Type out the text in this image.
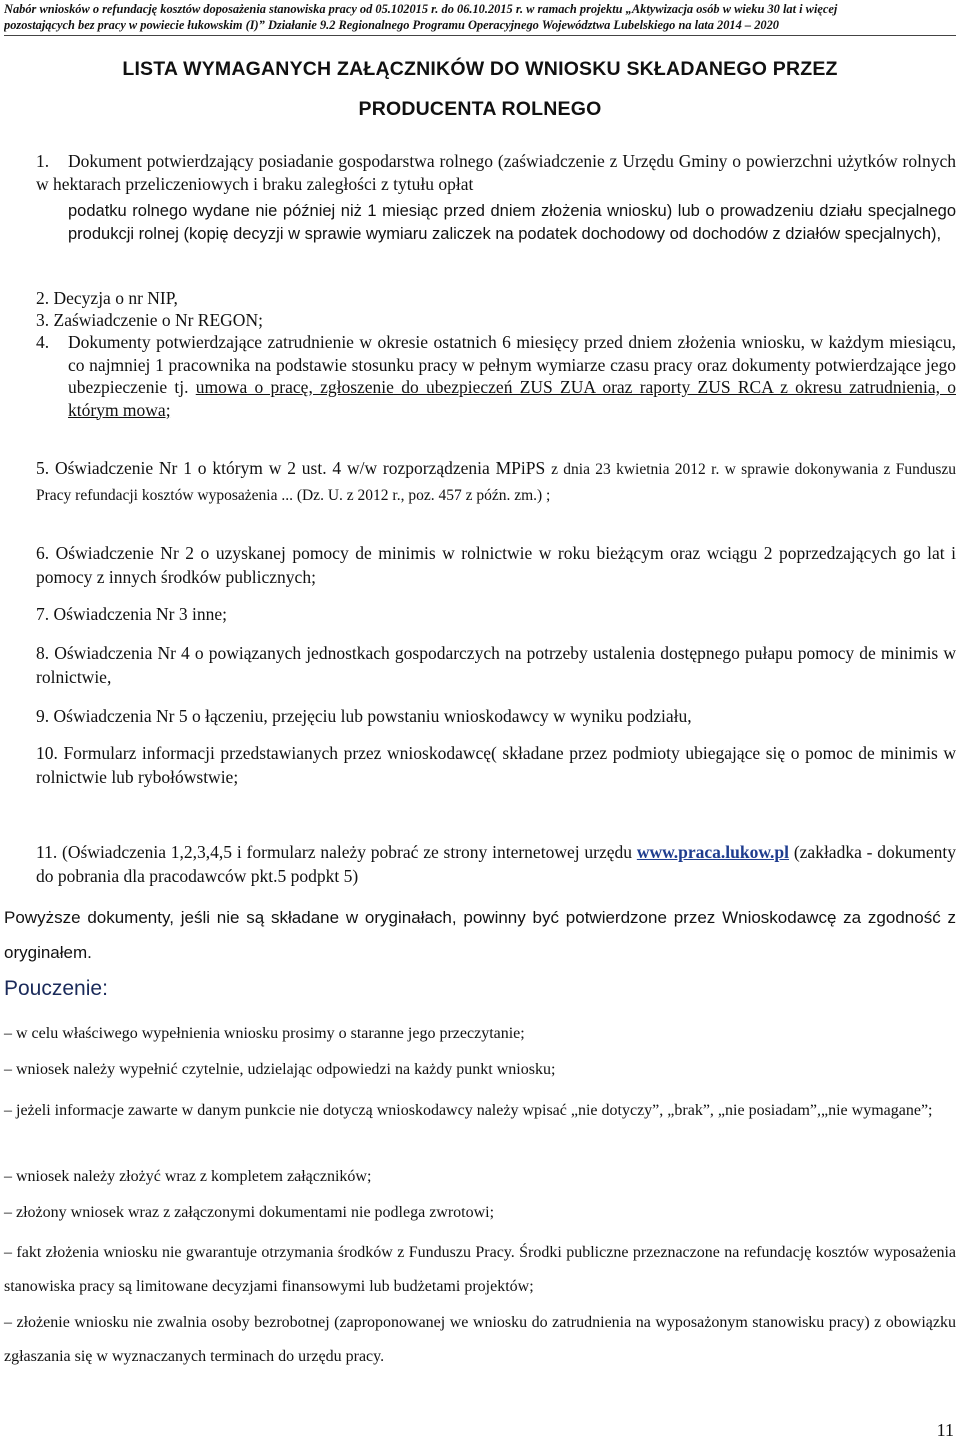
Nabór wniosków o refundację kosztów doposażenia stanowiska pracy od 05.102015 r. do 06.10.2015 r. w ramach projektu „Aktywizacja osób w wieku 30 lat i więcej
pozostających bez pracy w powiecie łukowskim (I)” Działanie 9.2 Regionalnego Programu Operacyjnego Województwa Lubelskiego na lata 2014 – 2020
LISTA WYMAGANYCH ZAŁĄCZNIKÓW DO WNIOSKU SKŁADANEGO PRZEZ
PRODUCENTA ROLNEGO
1. Dokument potwierdzający posiadanie gospodarstwa rolnego (zaświadczenie z Urzędu Gminy o powierzchni użytków rolnych w hektarach przeliczeniowych i braku zaległości z tytułu opłat
podatku rolnego wydane nie później niż 1 miesiąc przed dniem złożenia wniosku) lub o prowadzeniu działu specjalnego produkcji rolnej (kopię decyzji w sprawie wymiaru zaliczek na podatek dochodowy od dochodów z działów specjalnych),
2. Decyzja o nr NIP,
3. Zaświadczenie o Nr REGON;
4. Dokumenty potwierdzające zatrudnienie w okresie ostatnich 6 miesięcy przed dniem złożenia wniosku, w każdym miesiącu, co najmniej 1 pracownika na podstawie stosunku pracy w pełnym wymiarze czasu pracy oraz dokumenty potwierdzające jego ubezpieczenie tj. umowa o pracę, zgłoszenie do ubezpieczeń ZUS ZUA oraz raporty ZUS RCA z okresu zatrudnienia, o którym mowa;
5. Oświadczenie Nr 1 o którym w 2 ust. 4 w/w rozporządzenia MPiPS z dnia 23 kwietnia 2012 r. w sprawie dokonywania z Funduszu Pracy refundacji kosztów wyposażenia ... (Dz. U. z 2012 r., poz. 457 z późn. zm.) ;
6. Oświadczenie Nr 2 o uzyskanej pomocy de minimis w rolnictwie w roku bieżącym oraz wciągu 2 poprzedzających go lat i pomocy z innych środków publicznych;
7. Oświadczenia Nr 3 inne;
8. Oświadczenia Nr 4 o powiązanych jednostkach gospodarczych na potrzeby ustalenia dostępnego pułapu pomocy de minimis w rolnictwie,
9. Oświadczenia Nr 5 o łączeniu, przejęciu lub powstaniu wnioskodawcy w wyniku podziału,
10. Formularz informacji przedstawianych przez wnioskodawcę( składane przez podmioty ubiegające się o pomoc de minimis w rolnictwie lub rybołówstwie;
11. (Oświadczenia 1,2,3,4,5 i formularz należy pobrać ze strony internetowej urzędu www.praca.lukow.pl (zakładka - dokumenty do pobrania dla pracodawców pkt.5 podpkt 5)
Powyższe dokumenty, jeśli nie są składane w oryginałach, powinny być potwierdzone przez Wnioskodawcę za zgodność z oryginałem.
Pouczenie:
– w celu właściwego wypełnienia wniosku prosimy o staranne jego przeczytanie;
– wniosek należy wypełnić czytelnie, udzielając odpowiedzi na każdy punkt wniosku;
– jeżeli informacje zawarte w danym punkcie nie dotyczą wnioskodawcy należy wpisać „nie dotyczy”, „brak”, „nie posiadam”,„nie wymagane”;
– wniosek należy złożyć wraz z kompletem załączników;
– złożony wniosek wraz z załączonymi dokumentami nie podlega zwrotowi;
– fakt złożenia wniosku nie gwarantuje otrzymania środków z Funduszu Pracy. Środki publiczne przeznaczone na refundację kosztów wyposażenia stanowiska pracy są limitowane decyzjami finansowymi lub budżetami projektów;
– złożenie wniosku nie zwalnia osoby bezrobotnej (zaproponowanej we wniosku do zatrudnienia na wyposażonym stanowisku pracy) z obowiązku zgłaszania się w wyznaczanych terminach do urzędu pracy.
11
